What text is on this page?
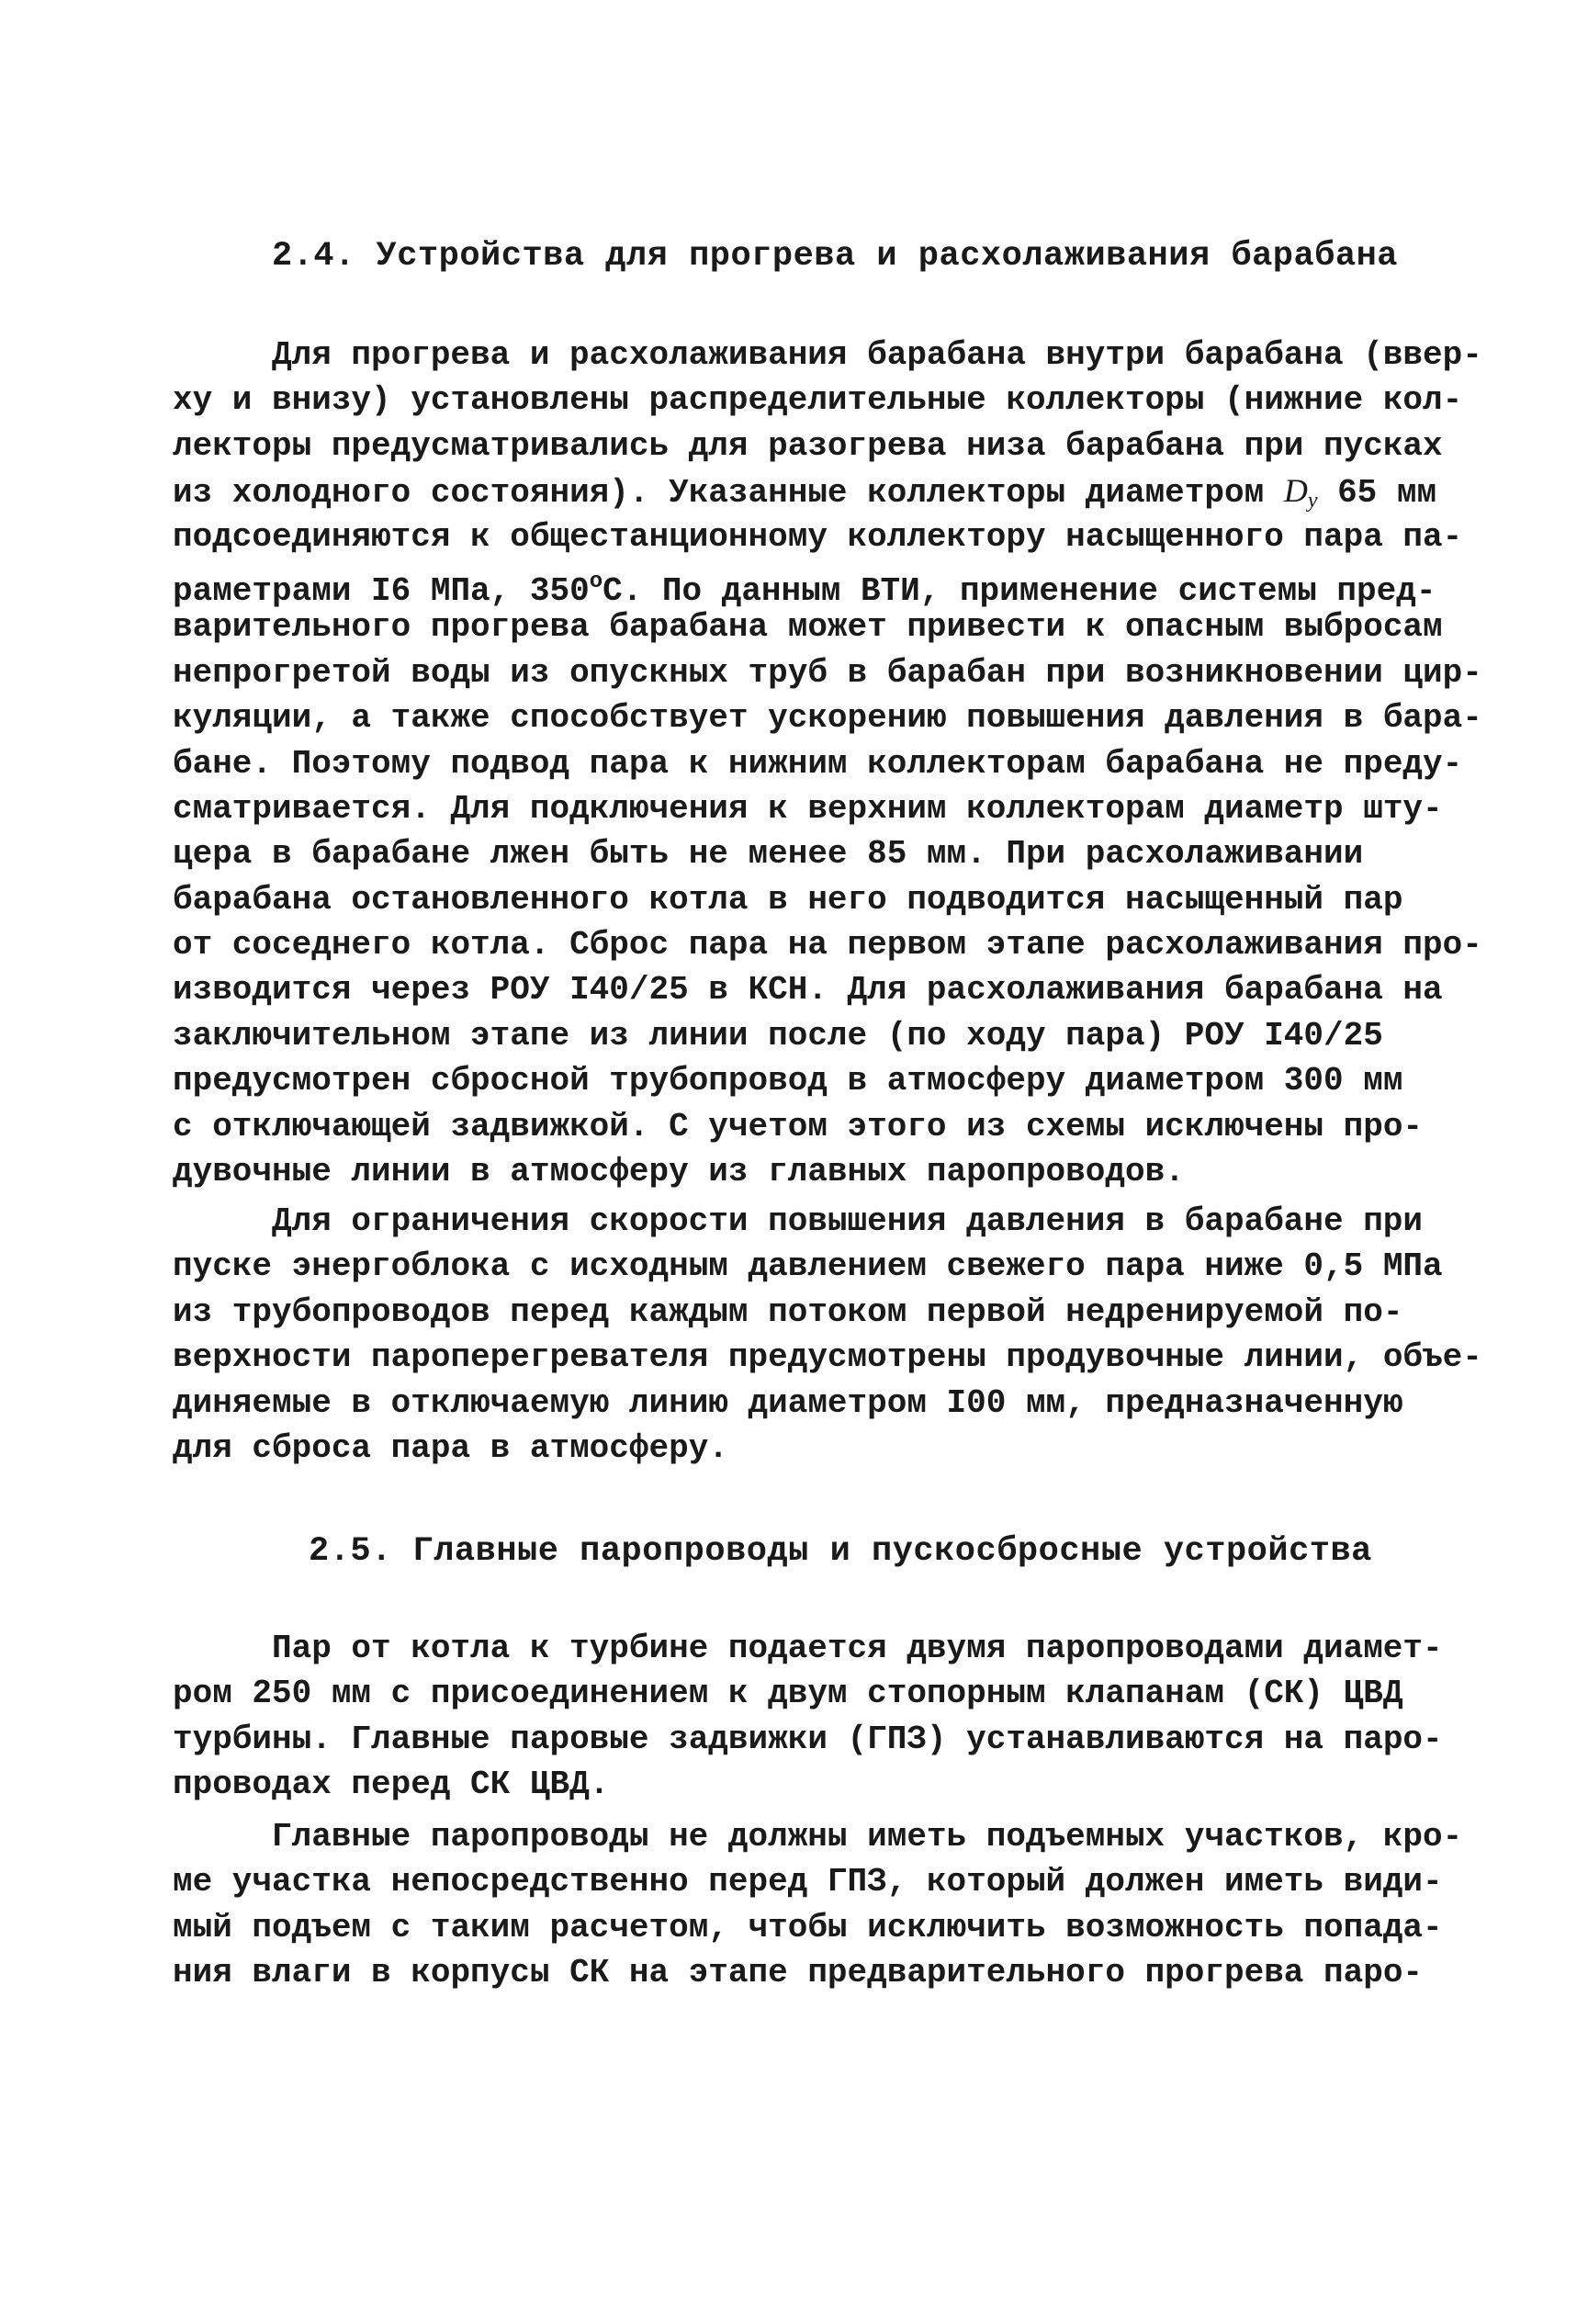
2.4. Устройства для прогрева и расхолаживания барабана
Для прогрева и расхолаживания барабана внутри барабана (ввер-
ху и внизу) установлены распределительные коллекторы (нижние кол-
лекторы предусматривались для разогрева низа барабана при пусках
из холодного состояния). Указанные коллекторы диаметром $D_у$ 65 мм
подсоединяются к общестанционному коллектору насыщенного пара па-
раметрами I6 МПа, $350^оС$. По данным ВТИ, применение системы пред-
варительного прогрева барабана может привести к опасным выбросам
непрогретой воды из опускных труб в барабан при возникновении цир-
куляции, а также способствует ускорению повышения давления в бара-
бане. Поэтому подвод пара к нижним коллекторам барабана не преду-
сматривается. Для подключения к верхним коллекторам диаметр шту-
цера в барабане лжен быть не менее 85 мм. При расхолаживании
барабана остановленного котла в него подводится насыщенный пар
от соседнего котла. Сброс пара на первом этапе расхолаживания про-
изводится через РОУ I40/25 в КСН. Для расхолаживания барабана на
заключительном этапе из линии после (по ходу пара) РОУ I40/25
предусмотрен сбросной трубопровод в атмосферу диаметром 300 мм
с отключающей задвижкой. С учетом этого из схемы исключены про-
дувочные линии в атмосферу из главных паропроводов.
Для ограничения скорости повышения давления в барабане при
пуске энергоблока с исходным давлением свежего пара ниже 0,5 МПа
из трубопроводов перед каждым потоком первой недренируемой по-
верхности пароперегревателя предусмотрены продувочные линии, объе-
диняемые в отключаемую линию диаметром I00 мм, предназначенную
для сброса пара в атмосферу.
2.5. Главные паропроводы и пускосбросные устройства
Пар от котла к турбине подается двумя паропроводами диамет-
ром 250 мм с присоединением к двум стопорным клапанам (СК) ЦВД
турбины. Главные паровые задвижки (ГПЗ) устанавливаются на паро-
проводах перед СК ЦВД.
Главные паропроводы не должны иметь подъемных участков, кро-
ме участка непосредственно перед ГПЗ, который должен иметь види-
мый подъем с таким расчетом, чтобы исключить возможность попада-
ния влаги в корпусы СК на этапе предварительного прогрева паро-
